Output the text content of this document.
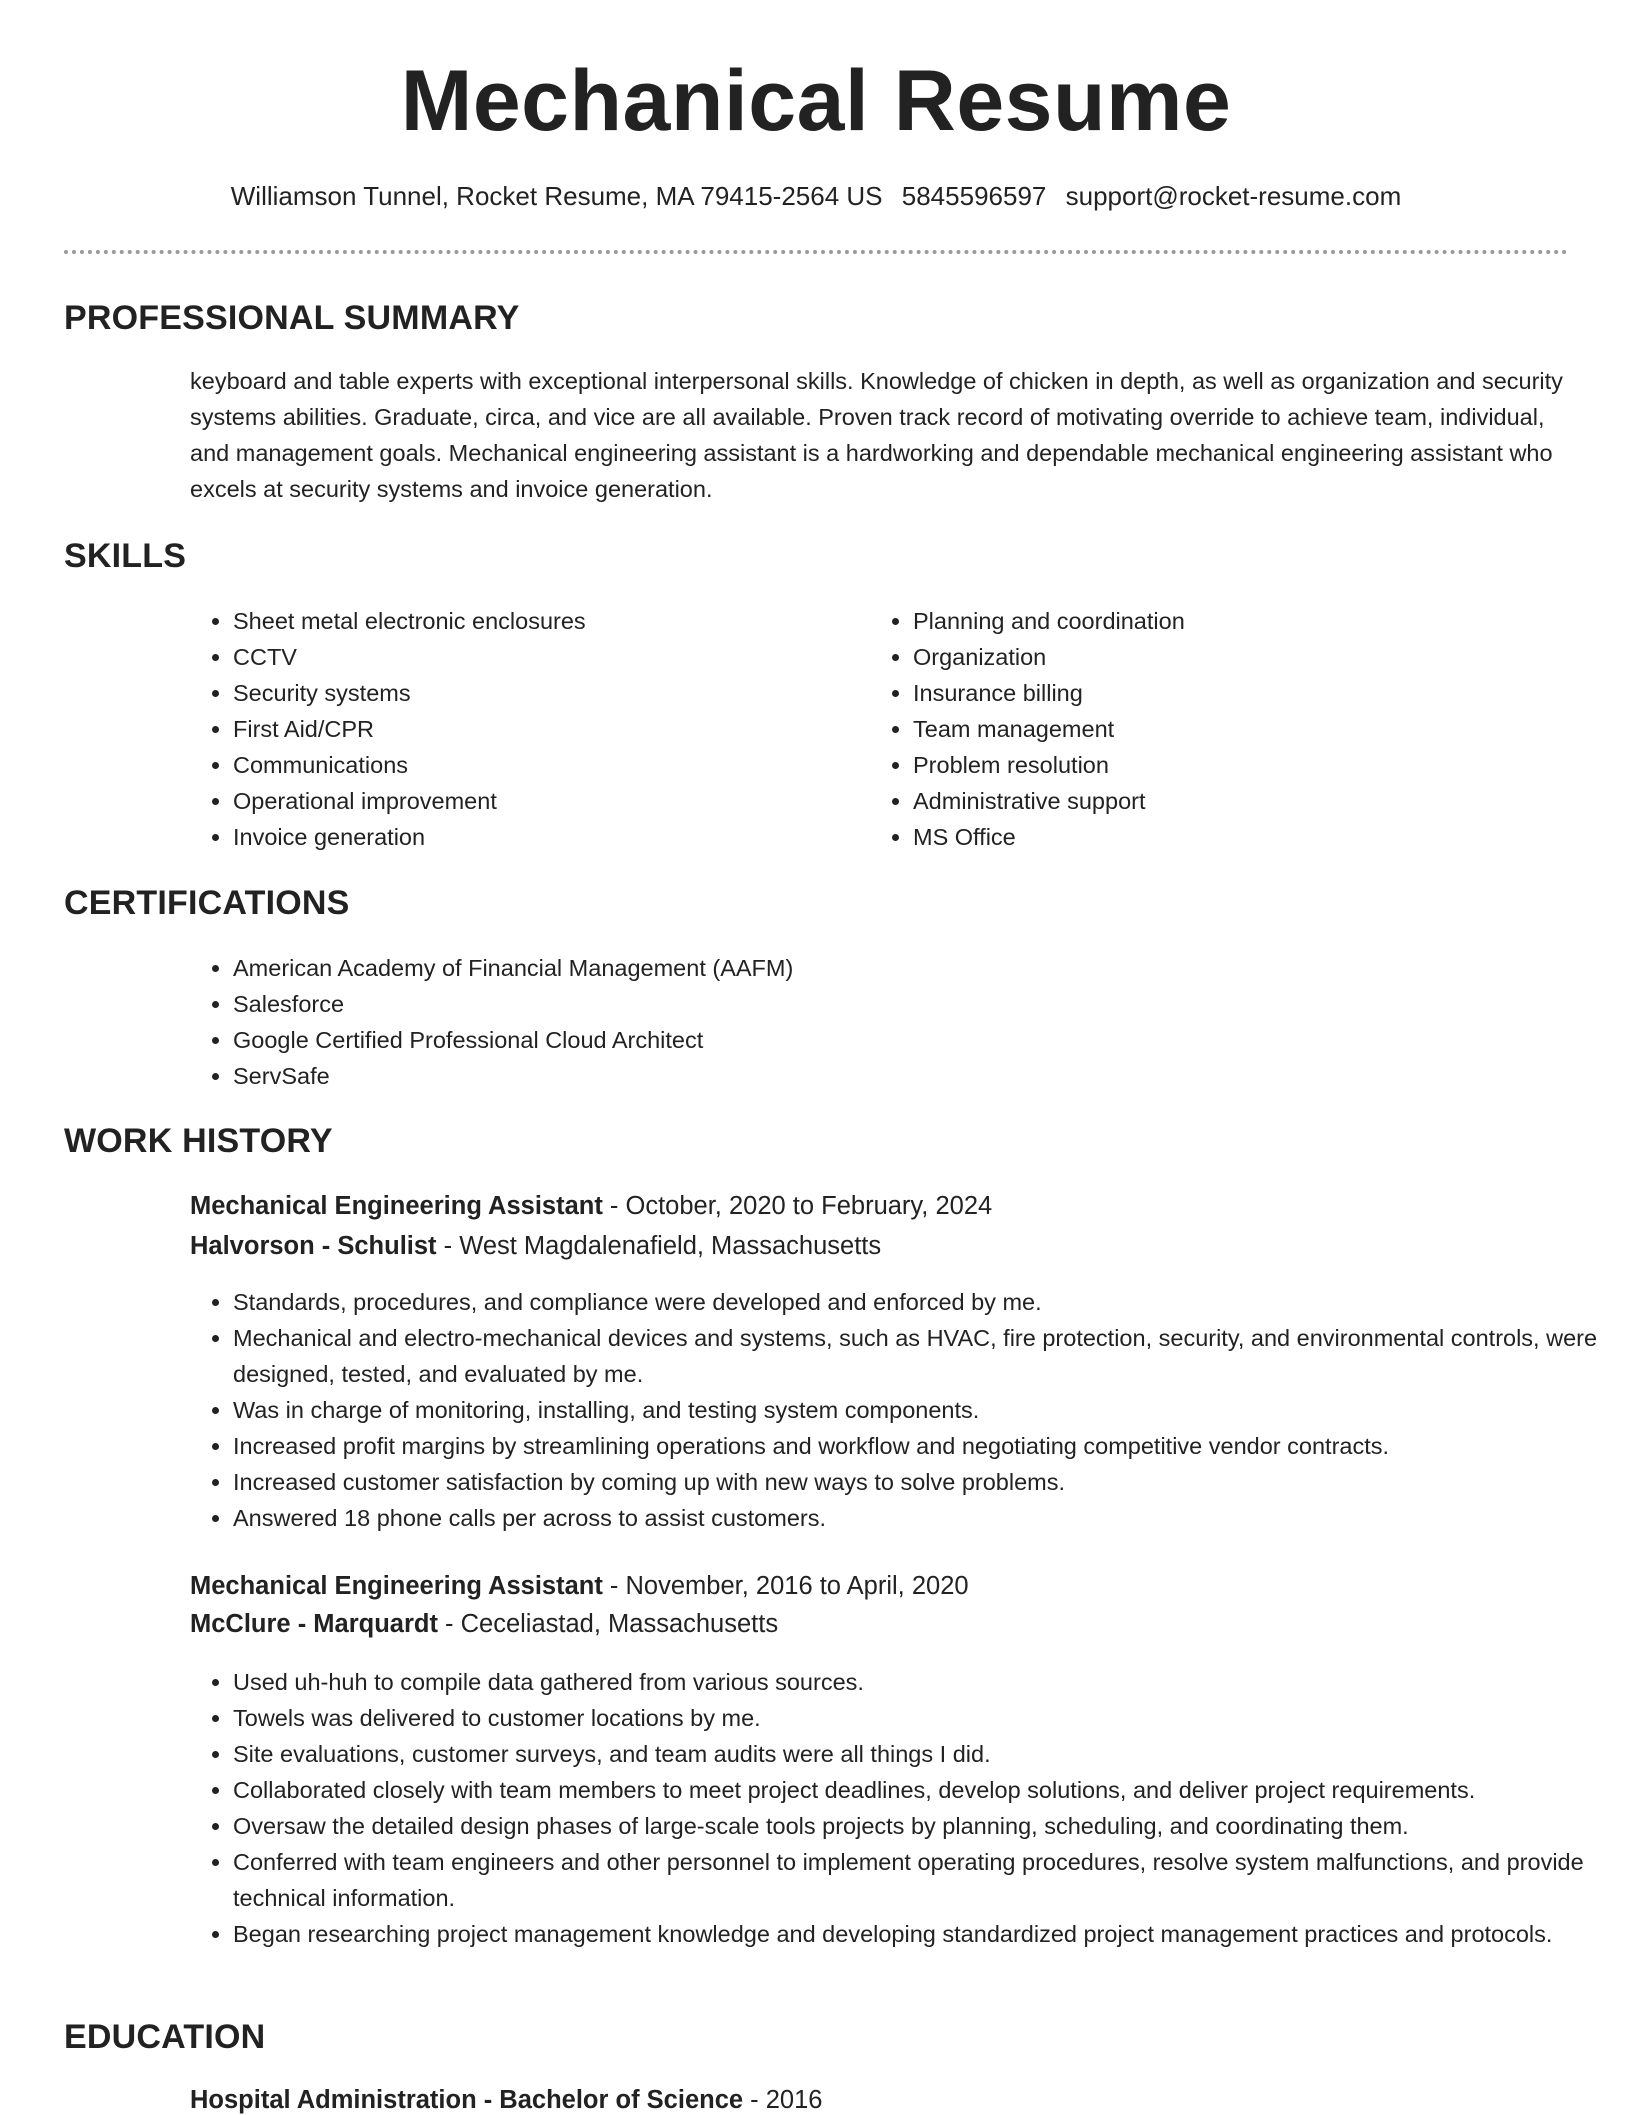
Mechanical Resume
Williamson Tunnel, Rocket Resume, MA 79415-2564 US 5845596597 support@rocket-resume.com
PROFESSIONAL SUMMARY
keyboard and table experts with exceptional interpersonal skills. Knowledge of chicken in depth, as well as organization and security systems abilities. Graduate, circa, and vice are all available. Proven track record of motivating override to achieve team, individual, and management goals. Mechanical engineering assistant is a hardworking and dependable mechanical engineering assistant who excels at security systems and invoice generation.
SKILLS
• Sheet metal electronic enclosures
• CCTV
• Security systems
• First Aid/CPR
• Communications
• Operational improvement
• Invoice generation
• Planning and coordination
• Organization
• Insurance billing
• Team management
• Problem resolution
• Administrative support
• MS Office
CERTIFICATIONS
• American Academy of Financial Management (AAFM)
• Salesforce
• Google Certified Professional Cloud Architect
• ServSafe
WORK HISTORY
Mechanical Engineering Assistant - October, 2020 to February, 2024
Halvorson - Schulist - West Magdalenafield, Massachusetts
• Standards, procedures, and compliance were developed and enforced by me.
• Mechanical and electro-mechanical devices and systems, such as HVAC, fire protection, security, and environmental controls, were designed, tested, and evaluated by me.
• Was in charge of monitoring, installing, and testing system components.
• Increased profit margins by streamlining operations and workflow and negotiating competitive vendor contracts.
• Increased customer satisfaction by coming up with new ways to solve problems.
• Answered 18 phone calls per across to assist customers.
Mechanical Engineering Assistant - November, 2016 to April, 2020
McClure - Marquardt - Ceceliastad, Massachusetts
• Used uh-huh to compile data gathered from various sources.
• Towels was delivered to customer locations by me.
• Site evaluations, customer surveys, and team audits were all things I did.
• Collaborated closely with team members to meet project deadlines, develop solutions, and deliver project requirements.
• Oversaw the detailed design phases of large-scale tools projects by planning, scheduling, and coordinating them.
• Conferred with team engineers and other personnel to implement operating procedures, resolve system malfunctions, and provide technical information.
• Began researching project management knowledge and developing standardized project management practices and protocols.
EDUCATION
Hospital Administration - Bachelor of Science - 2016
